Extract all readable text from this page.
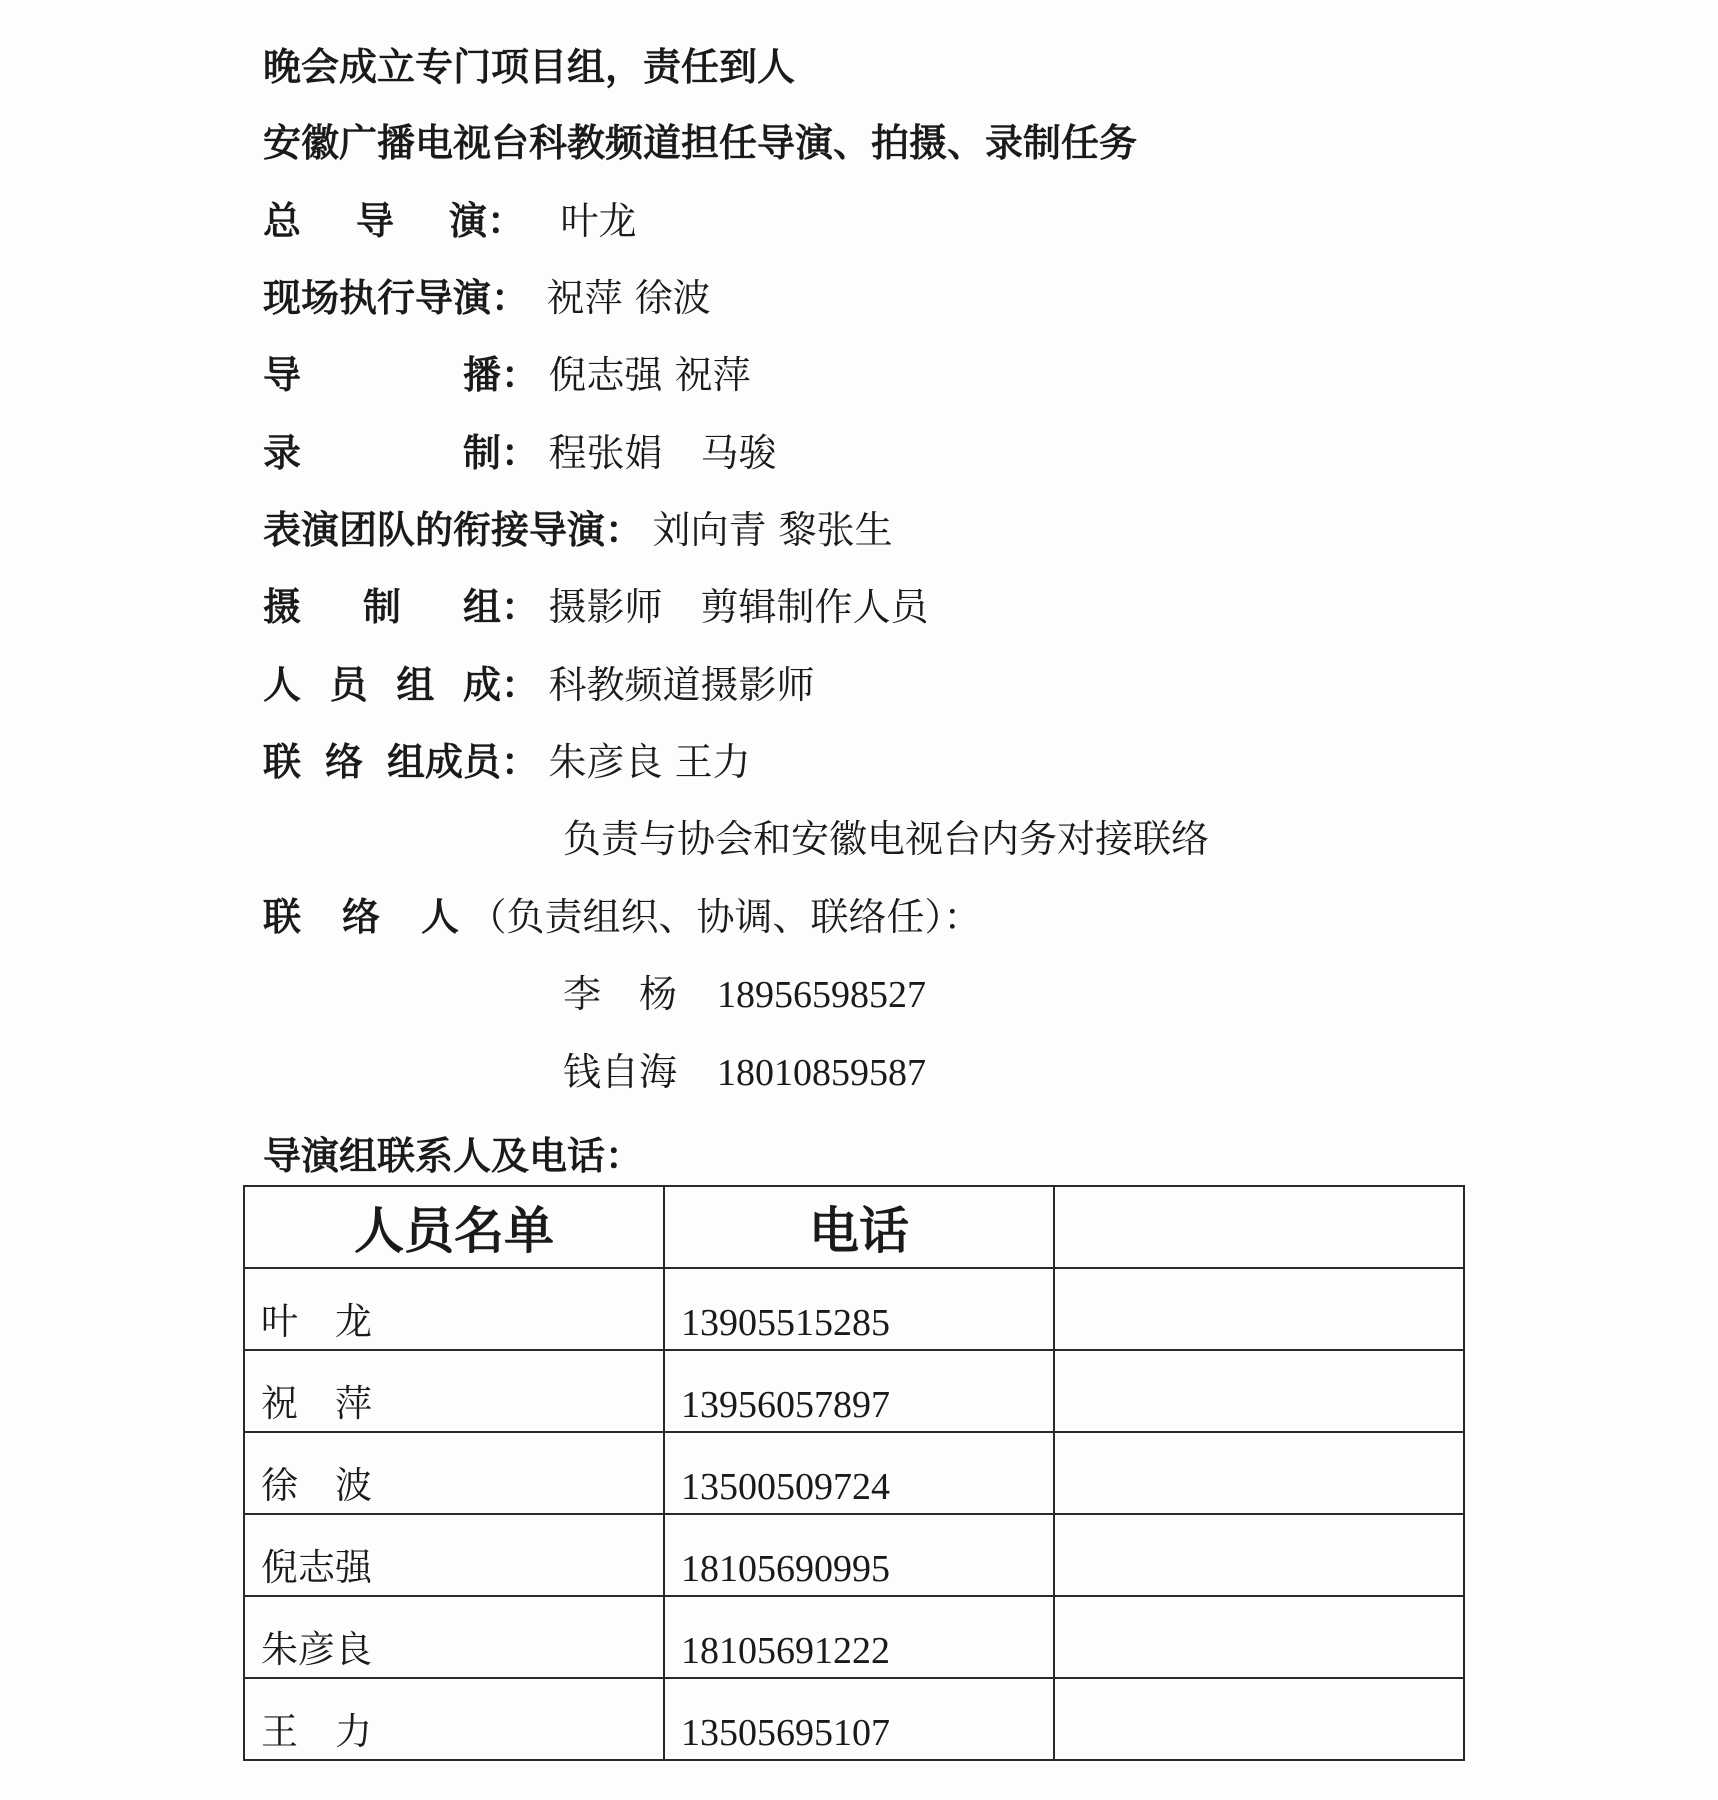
晚会成立专门项目组，责任到人
安徽广播电视台科教频道担任导演、拍摄、录制任务
总 导 演： 叶龙
现场执行导演： 祝萍 徐波
导	播： 倪志强 祝萍
录	制： 程张娟　马骏
表演团队的衔接导演： 刘向青 黎张生
摄 制 组： 摄影师　剪辑制作人员
人 员 组 成： 科教频道摄影师
联 络 组成员： 朱彦良 王力
负责与协会和安徽电视台内务对接联络
联 络 人 （负责组织、协调、联络任）：
李　杨 18956598527
钱自海 18010859587
导演组联系人及电话：
人员名单	电话	
叶　龙	13905515285	
祝　萍	13956057897	
徐　波	13500509724	
倪志强	18105690995	
朱彦良	18105691222	
王　力	13505695107	
